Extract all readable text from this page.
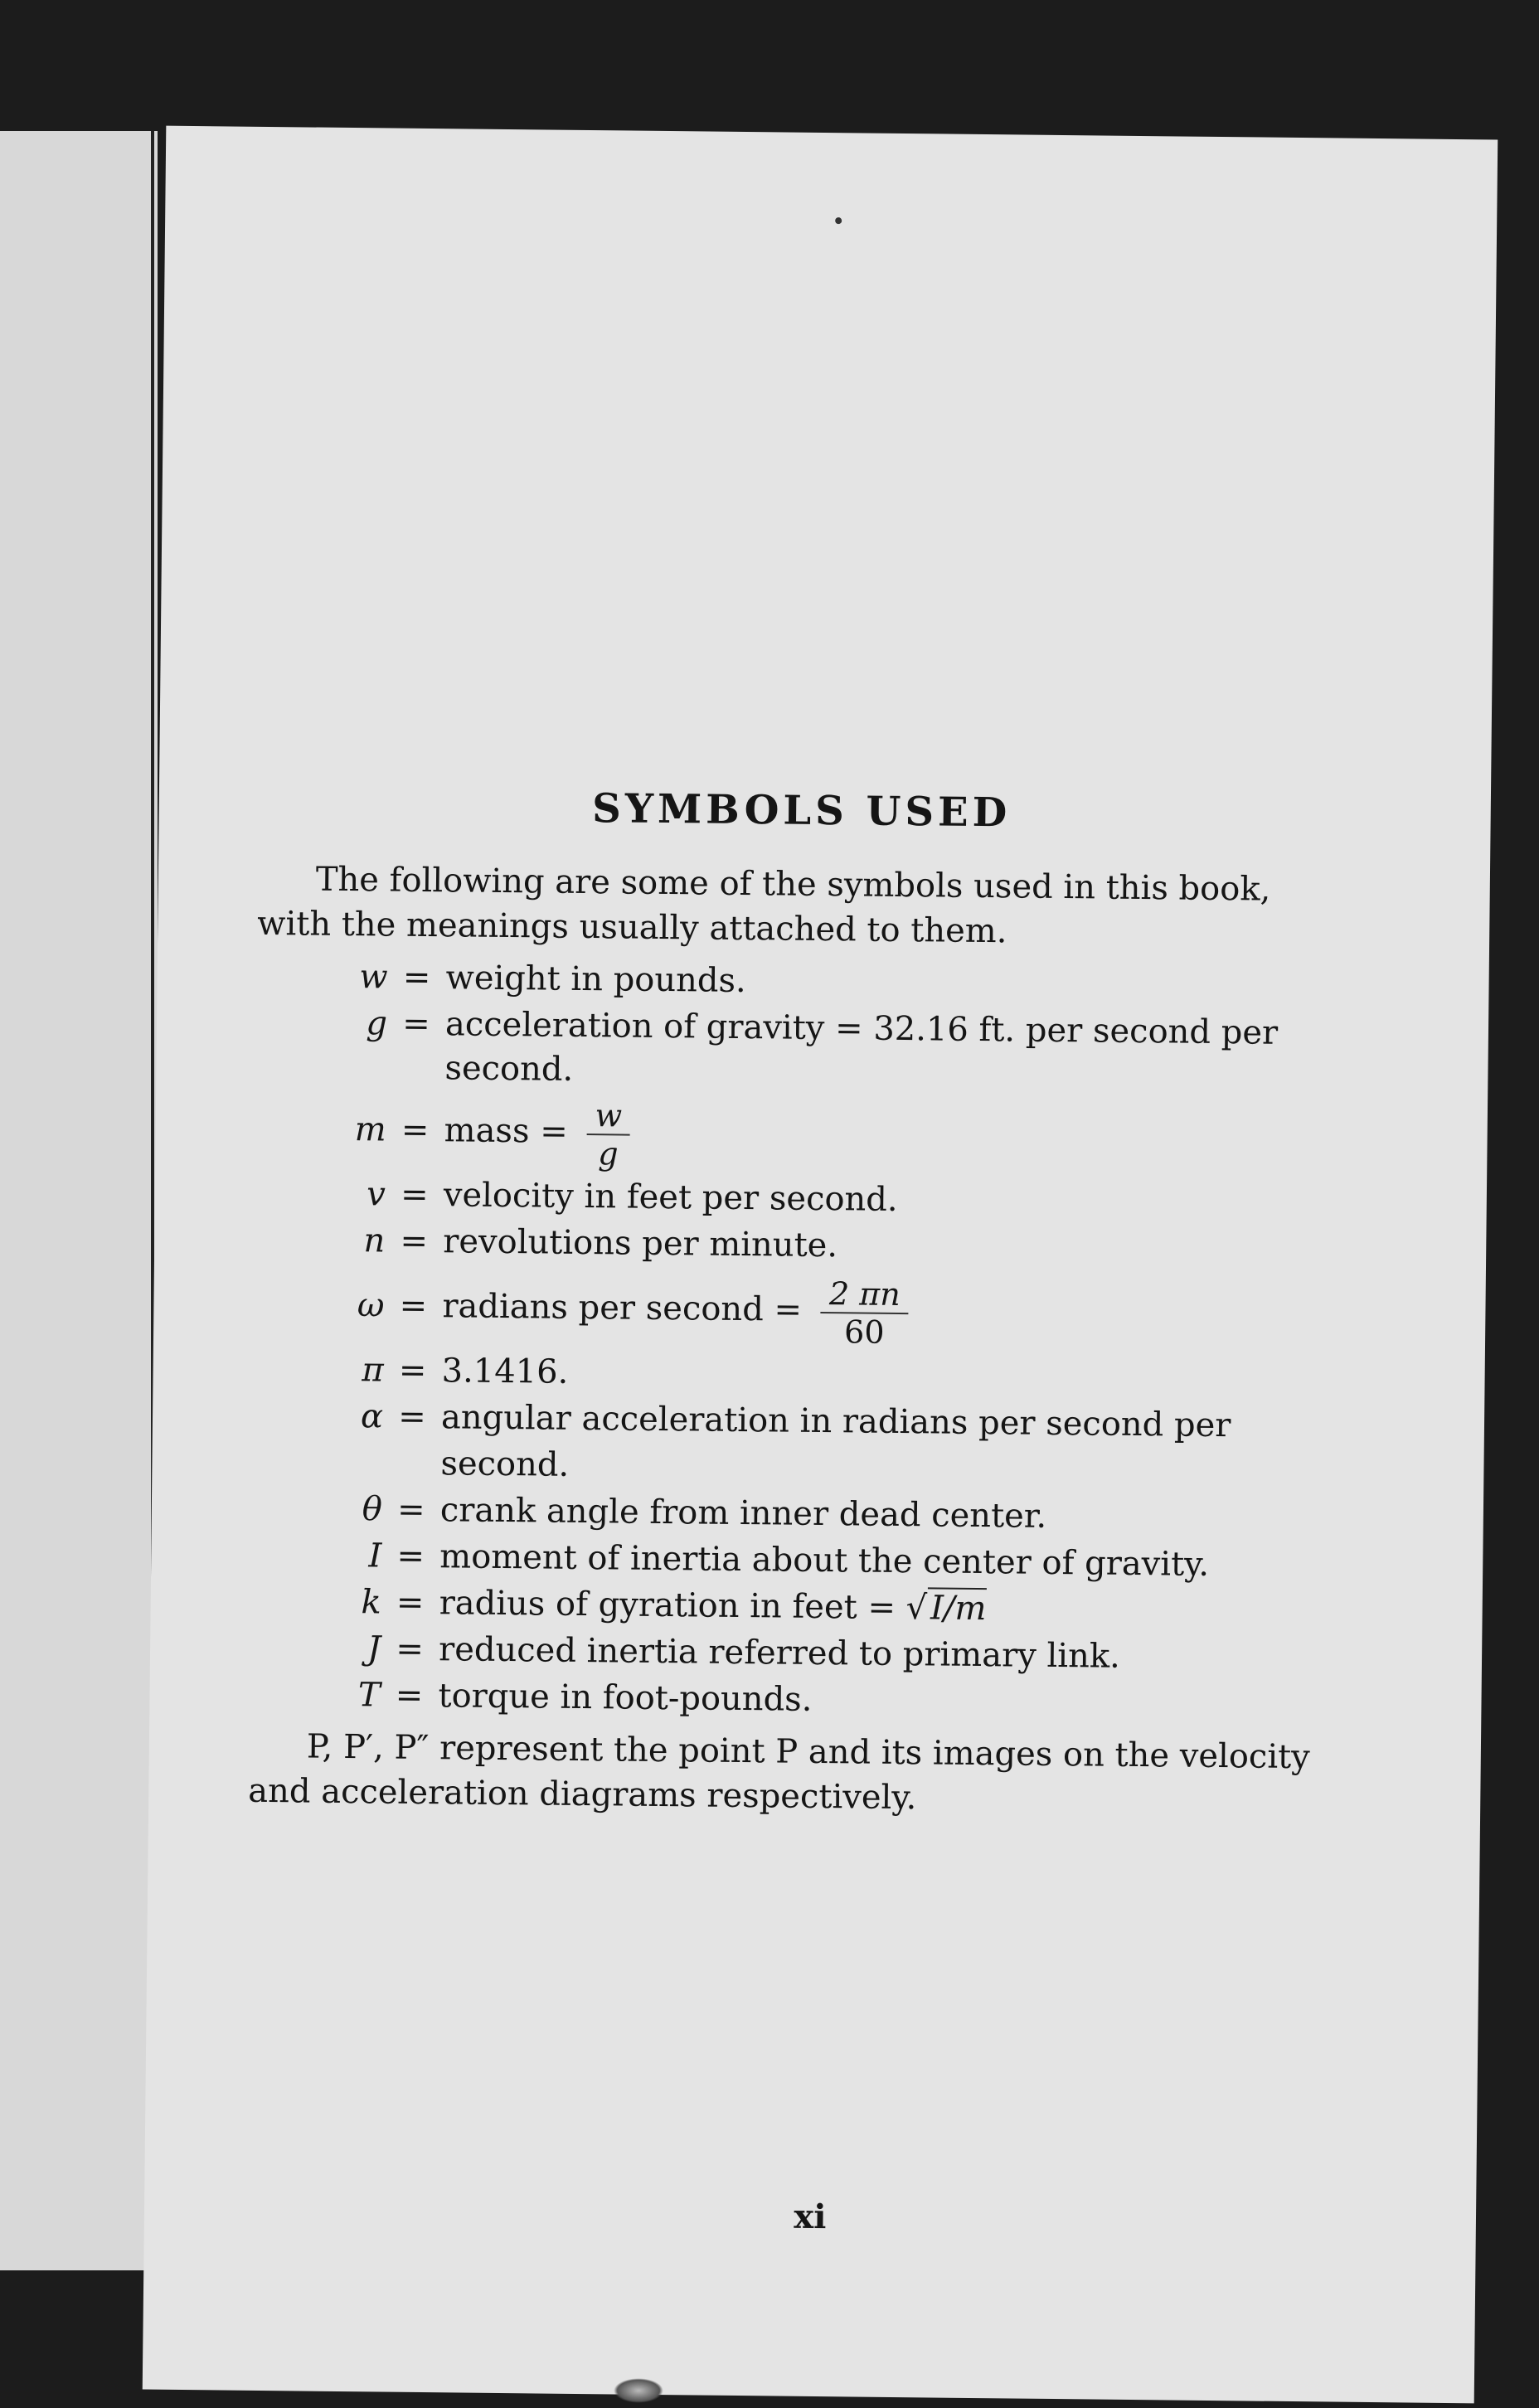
SYMBOLS USED

The following are some of the symbols used in this book, with the meanings usually attached to them.

w = weight in pounds.
g = acceleration of gravity = 32.16 ft. per second per
second.
m = mass = $\frac{w}{g}$
v = velocity in feet per second.
n = revolutions per minute.
ω = radians per second = $\frac{2 \pi n}{60}$
π = 3.1416.
α = angular acceleration in radians per second per second.
θ = crank angle from inner dead center.
I = moment of inertia about the center of gravity.
k = radius of gyration in feet = √I/m
J = reduced inertia referred to primary link.
T = torque in foot-pounds.

P, P′, P″ represent the point P and its images on the velocity and acceleration diagrams respectively.

xi
